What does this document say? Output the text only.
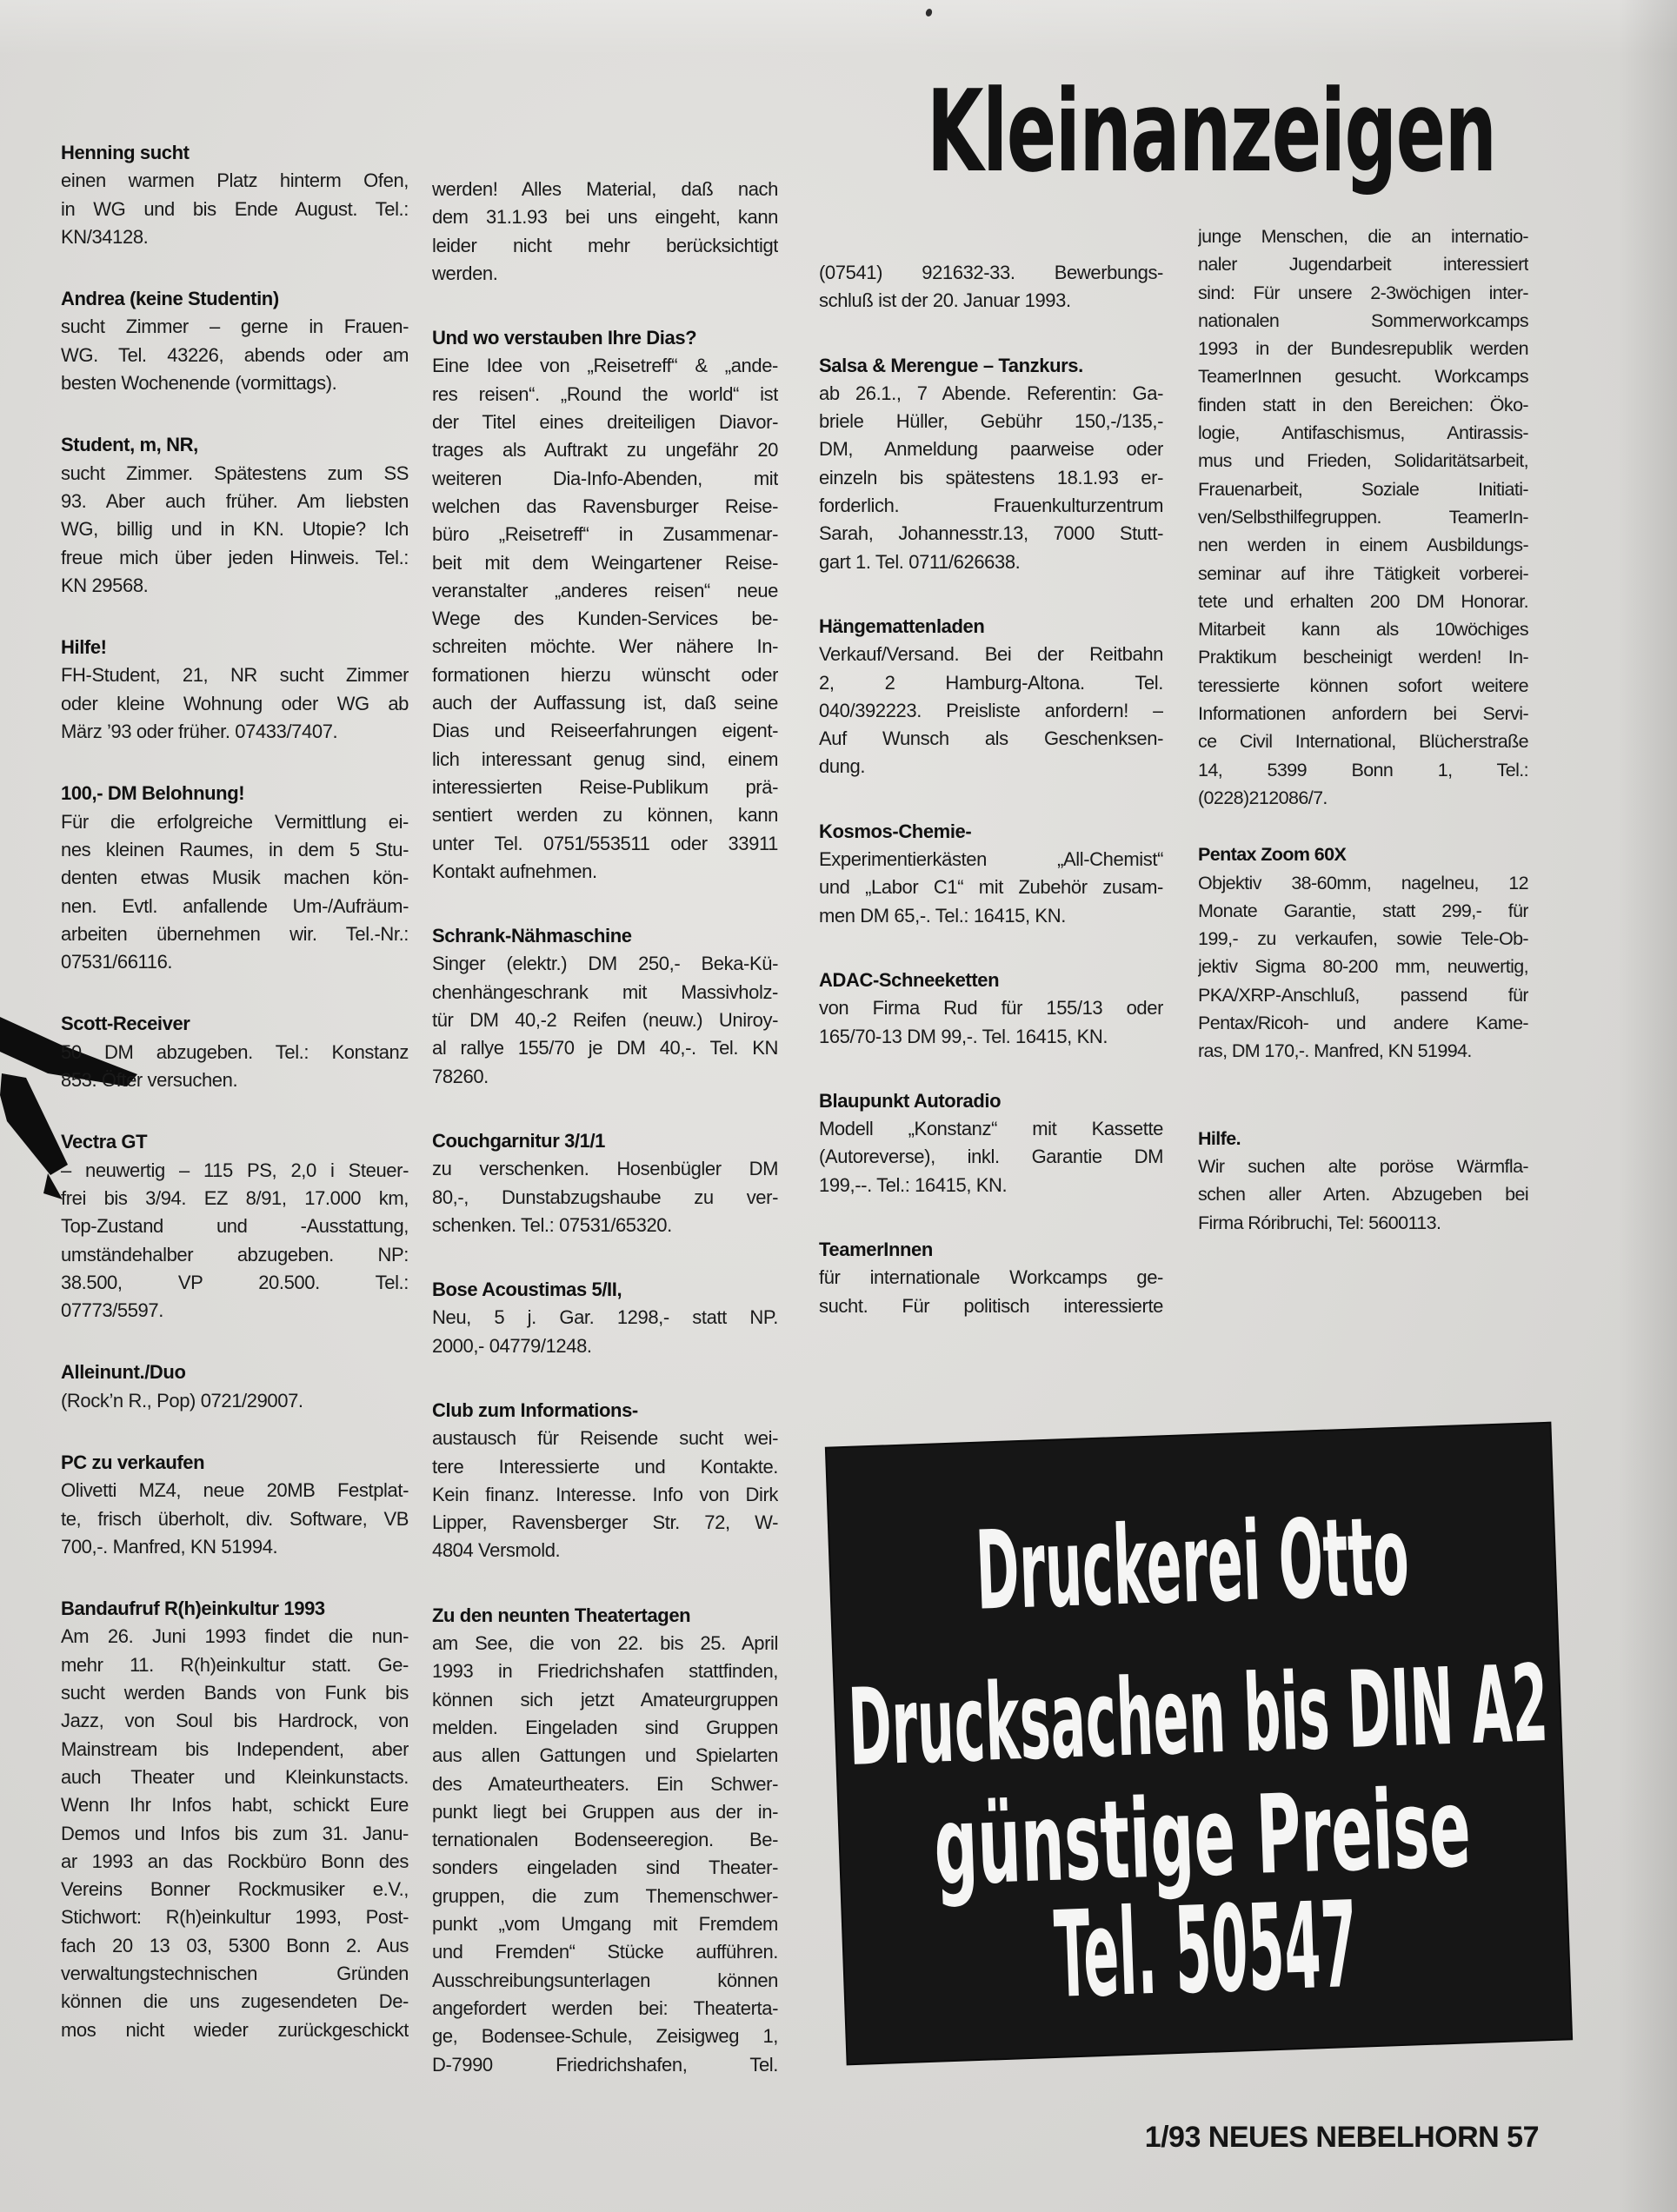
Kleinanzeigen
Henning sucht
einen warmen Platz hinterm Ofen,
in WG und bis Ende August. Tel.:
KN/34128.
Andrea (keine Studentin)
sucht Zimmer – gerne in Frauen-
WG. Tel. 43226, abends oder am
besten Wochenende (vormittags).
Student, m, NR,
sucht Zimmer. Spätestens zum SS
93. Aber auch früher. Am liebsten
WG, billig und in KN. Utopie? Ich
freue mich über jeden Hinweis. Tel.:
KN 29568.
Hilfe!
FH-Student, 21, NR sucht Zimmer
oder kleine Wohnung oder WG ab
März ’93 oder früher. 07433/7407.
100,- DM Belohnung!
Für die erfolgreiche Vermittlung ei-
nes kleinen Raumes, in dem 5 Stu-
denten etwas Musik machen kön-
nen. Evtl. anfallende Um-/Aufräum-
arbeiten übernehmen wir. Tel.-Nr.:
07531/66116.
Scott-Receiver
50 DM abzugeben. Tel.: Konstanz
853. Öfter versuchen.
Vectra GT
– neuwertig – 115 PS, 2,0 i Steuer-
frei bis 3/94. EZ 8/91, 17.000 km,
Top-Zustand und -Ausstattung,
umständehalber abzugeben. NP:
38.500, VP 20.500. Tel.:
07773/5597.
Alleinunt./Duo
(Rock’n R., Pop) 0721/29007.
PC zu verkaufen
Olivetti MZ4, neue 20MB Festplat-
te, frisch überholt, div. Software, VB
700,-. Manfred, KN 51994.
Bandaufruf R(h)einkultur 1993
Am 26. Juni 1993 findet die nun-
mehr 11. R(h)einkultur statt. Ge-
sucht werden Bands von Funk bis
Jazz, von Soul bis Hardrock, von
Mainstream bis Independent, aber
auch Theater und Kleinkunstacts.
Wenn Ihr Infos habt, schickt Eure
Demos und Infos bis zum 31. Janu-
ar 1993 an das Rockbüro Bonn des
Vereins Bonner Rockmusiker e.V.,
Stichwort: R(h)einkultur 1993, Post-
fach 20 13 03, 5300 Bonn 2. Aus
verwaltungstechnischen Gründen
können die uns zugesendeten De-
mos nicht wieder zurückgeschickt
werden! Alles Material, daß nach
dem 31.1.93 bei uns eingeht, kann
leider nicht mehr berücksichtigt
werden.
Und wo verstauben Ihre Dias?
Eine Idee von „Reisetreff“ & „ande-
res reisen“. „Round the world“ ist
der Titel eines dreiteiligen Diavor-
trages als Auftrakt zu ungefähr 20
weiteren Dia-Info-Abenden, mit
welchen das Ravensburger Reise-
büro „Reisetreff“ in Zusammenar-
beit mit dem Weingartener Reise-
veranstalter „anderes reisen“ neue
Wege des Kunden-Services be-
schreiten möchte. Wer nähere In-
formationen hierzu wünscht oder
auch der Auffassung ist, daß seine
Dias und Reiseerfahrungen eigent-
lich interessant genug sind, einem
interessierten Reise-Publikum prä-
sentiert werden zu können, kann
unter Tel. 0751/553511 oder 33911
Kontakt aufnehmen.
Schrank-Nähmaschine
Singer (elektr.) DM 250,- Beka-Kü-
chenhängeschrank mit Massivholz-
tür DM 40,-2 Reifen (neuw.) Uniroy-
al rallye 155/70 je DM 40,-. Tel. KN
78260.
Couchgarnitur 3/1/1
zu verschenken. Hosenbügler DM
80,-, Dunstabzugshaube zu ver-
schenken. Tel.: 07531/65320.
Bose Acoustimas 5/II,
Neu, 5 j. Gar. 1298,- statt NP.
2000,- 04779/1248.
Club zum Informations-
austausch für Reisende sucht wei-
tere Interessierte und Kontakte.
Kein finanz. Interesse. Info von Dirk
Lipper, Ravensberger Str. 72, W-
4804 Versmold.
Zu den neunten Theatertagen
am See, die von 22. bis 25. April
1993 in Friedrichshafen stattfinden,
können sich jetzt Amateurgruppen
melden. Eingeladen sind Gruppen
aus allen Gattungen und Spielarten
des Amateurtheaters. Ein Schwer-
punkt liegt bei Gruppen aus der in-
ternationalen Bodenseeregion. Be-
sonders eingeladen sind Theater-
gruppen, die zum Themenschwer-
punkt „vom Umgang mit Fremdem
und Fremden“ Stücke aufführen.
Ausschreibungsunterlagen können
angefordert werden bei: Theaterta-
ge, Bodensee-Schule, Zeisigweg 1,
D-7990 Friedrichshafen, Tel.
(07541) 921632-33. Bewerbungs-
schluß ist der 20. Januar 1993.
Salsa & Merengue – Tanzkurs.
ab 26.1., 7 Abende. Referentin: Ga-
briele Hüller, Gebühr 150,-/135,-
DM, Anmeldung paarweise oder
einzeln bis spätestens 18.1.93 er-
forderlich. Frauenkulturzentrum
Sarah, Johannesstr.13, 7000 Stutt-
gart 1. Tel. 0711/626638.
Hängemattenladen
Verkauf/Versand. Bei der Reitbahn
2, 2 Hamburg-Altona. Tel.
040/392223. Preisliste anfordern! –
Auf Wunsch als Geschenksen-
dung.
Kosmos-Chemie-
Experimentierkästen „All-Chemist“
und „Labor C1“ mit Zubehör zusam-
men DM 65,-. Tel.: 16415, KN.
ADAC-Schneeketten
von Firma Rud für 155/13 oder
165/70-13 DM 99,-. Tel. 16415, KN.
Blaupunkt Autoradio
Modell „Konstanz“ mit Kassette
(Autoreverse), inkl. Garantie DM
199,--. Tel.: 16415, KN.
TeamerInnen
für internationale Workcamps ge-
sucht. Für politisch interessierte
junge Menschen, die an internatio-
naler Jugendarbeit interessiert
sind: Für unsere 2-3wöchigen inter-
nationalen Sommerworkcamps
1993 in der Bundesrepublik werden
TeamerInnen gesucht. Workcamps
finden statt in den Bereichen: Öko-
logie, Antifaschismus, Antirassis-
mus und Frieden, Solidaritätsarbeit,
Frauenarbeit, Soziale Initiati-
ven/Selbsthilfegruppen. TeamerIn-
nen werden in einem Ausbildungs-
seminar auf ihre Tätigkeit vorberei-
tete und erhalten 200 DM Honorar.
Mitarbeit kann als 10wöchiges
Praktikum bescheinigt werden! In-
teressierte können sofort weitere
Informationen anfordern bei Servi-
ce Civil International, Blücherstraße
14, 5399 Bonn 1, Tel.:
(0228)212086/7.
Pentax Zoom 60X
Objektiv 38-60mm, nagelneu, 12
Monate Garantie, statt 299,- für
199,- zu verkaufen, sowie Tele-Ob-
jektiv Sigma 80-200 mm, neuwertig,
PKA/XRP-Anschluß, passend für
Pentax/Ricoh- und andere Kame-
ras, DM 170,-. Manfred, KN 51994.
Hilfe.
Wir suchen alte poröse Wärmfla-
schen aller Arten. Abzugeben bei
Firma Róribruchi, Tel: 5600113.
Druckerei Otto
Drucksachen bis DIN A2
günstige Preise
Tel. 50547
1/93 NEUES NEBELHORN 57
